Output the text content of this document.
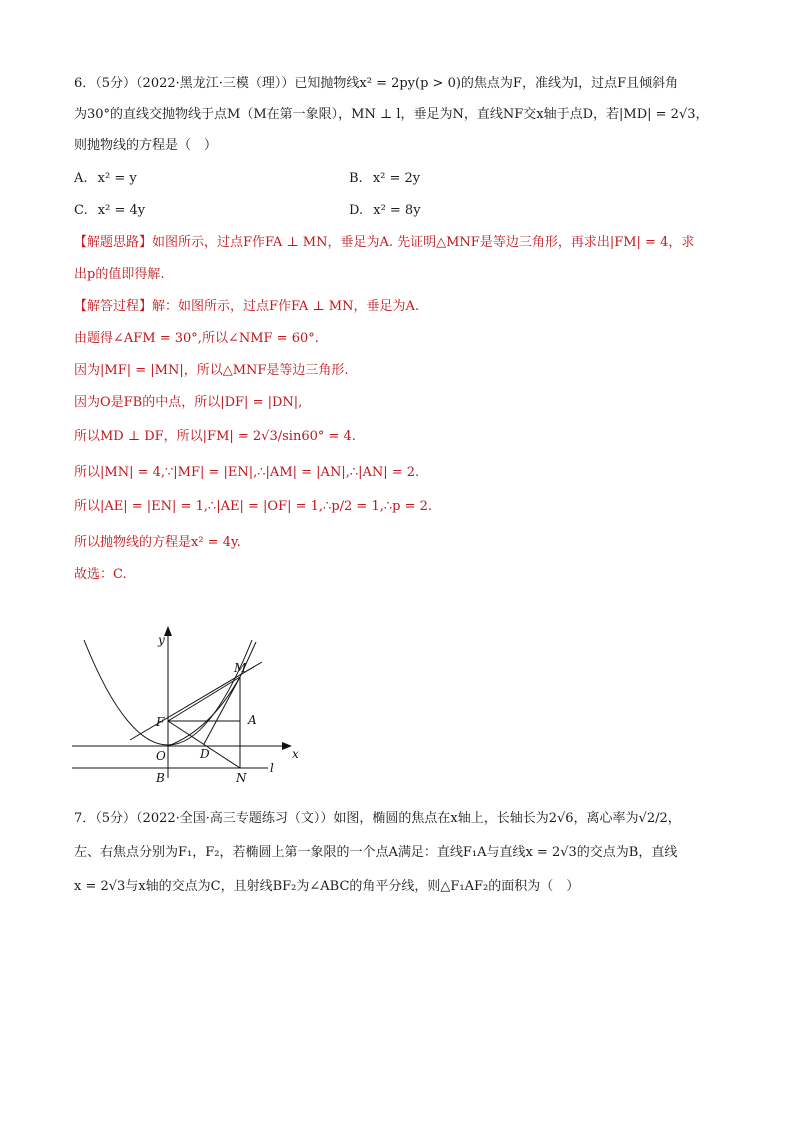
6．（5分）（2022·黑龙江·三模（理））已知抛物线x² = 2py(p > 0)的焦点为F，准线为l，过点F且倾斜角
为30°的直线交抛物线于点M（M在第一象限），MN ⊥ l，垂足为N，直线NF交x轴于点D，若|MD| = 2√3，
则抛物线的方程是（　）
A. x² = y	B. x² = 2y
C. x² = 4y	D. x² = 8y
【解题思路】如图所示，过点F作FA ⊥ MN，垂足为A. 先证明△MNF是等边三角形，再求出|FM| = 4，求
出p的值即得解.
【解答过程】解：如图所示，过点F作FA ⊥ MN，垂足为A.
由题得∠AFM = 30°,所以∠NMF = 60°.
因为|MF| = |MN|，所以△MNF是等边三角形.
因为O是FB的中点，所以|DF| = |DN|,
所以MD ⊥ DF，所以|FM| = 2√3/sin60° = 4.
所以|MN| = 4,∵|MF| = |EN|,∴|AM| = |AN|,∴|AN| = 2.
所以|AE| = |EN| = 1,∴|AE| = |OF| = 1,∴p/2 = 1,∴p = 2.
所以抛物线的方程是x² = 4y.
故选：C.
y
x
M
F	A
O	D
B	N
l
7．（5分）（2022·全国·高三专题练习（文））如图，椭圆的焦点在x轴上，长轴长为2√6，离心率为√2/2，
左、右焦点分别为F₁，F₂，若椭圆上第一象限的一个点A满足：直线F₁A与直线x = 2√3的交点为B，直线
x = 2√3与x轴的交点为C，且射线BF₂为∠ABC的角平分线，则△F₁AF₂的面积为（　）
